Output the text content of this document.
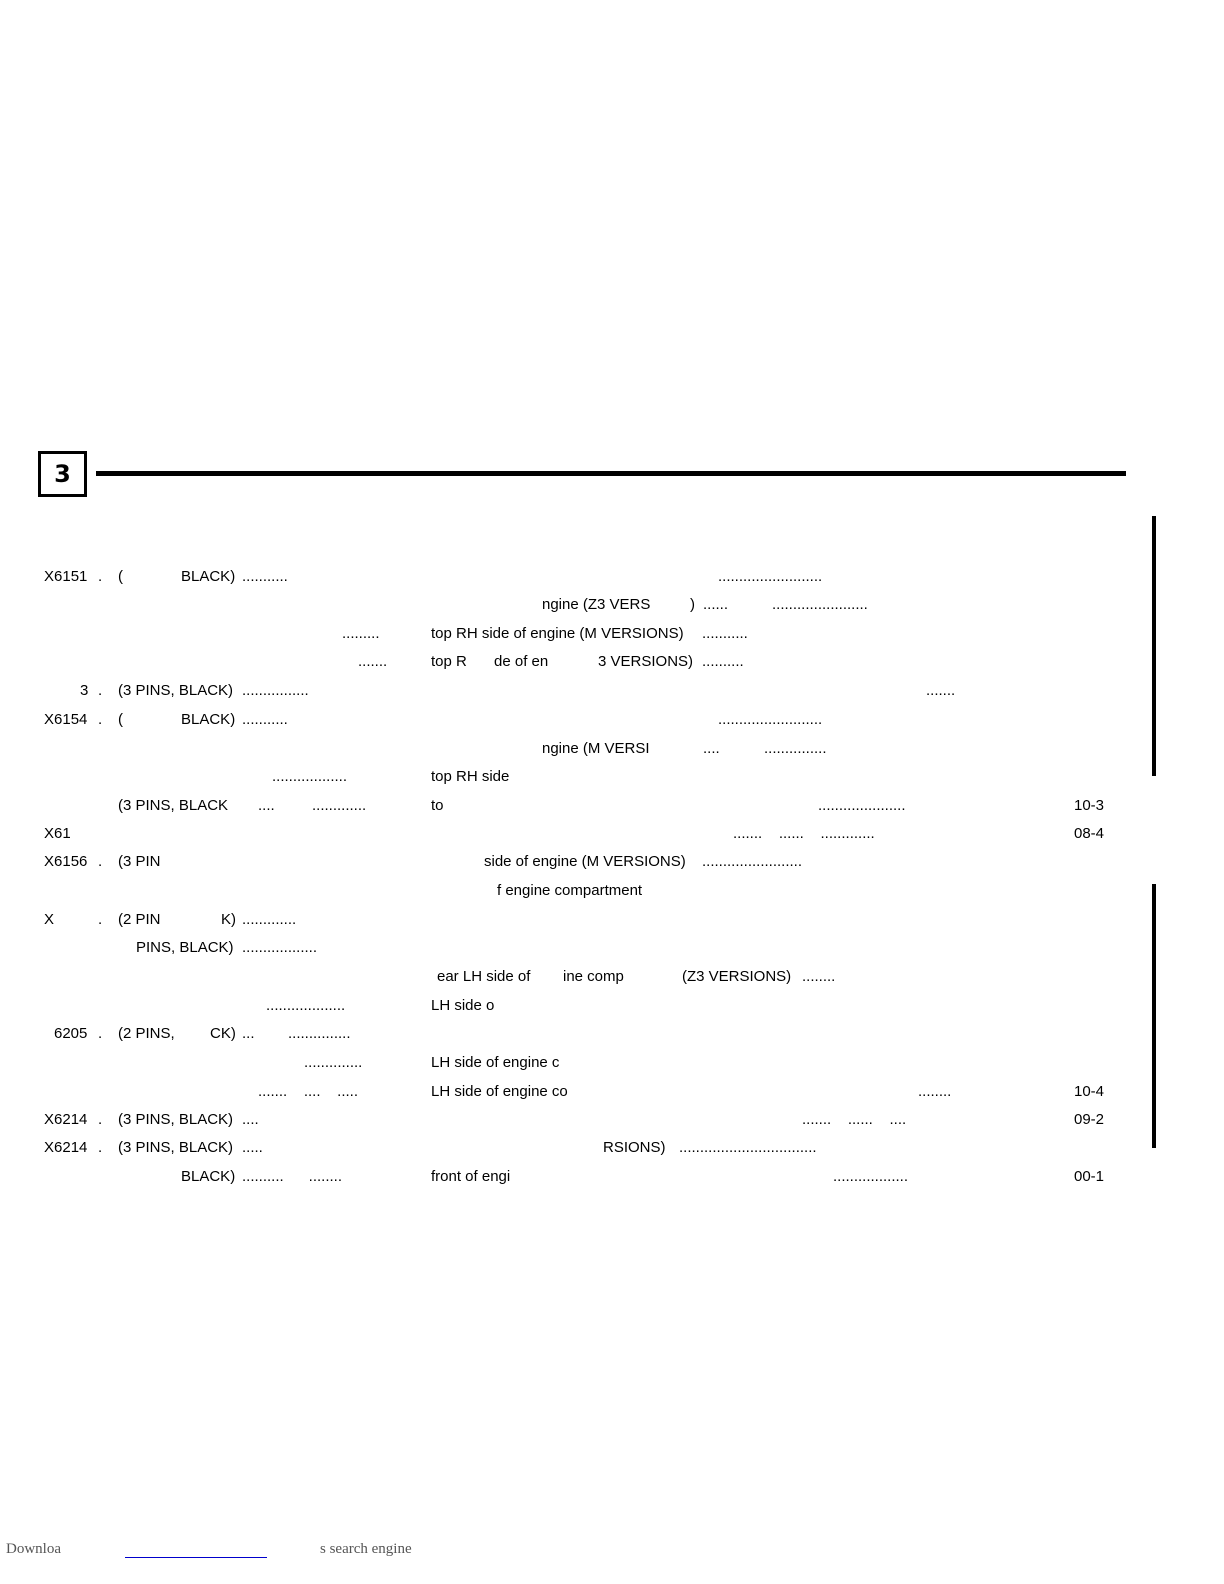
3
X6151 . (	BLACK) ...........	.........................
ngine (Z3 VERS	) ......	.......................
.........	top RH side of engine (M VERSIONS) ...........
.......	top R de of en	3 VERSIONS) ..........
3 . (3 PINS, BLACK) ................	.......
X6154 . (	BLACK) ...........	.........................
ngine (M VERSI	....	...............
..................	top RH side
(3 PINS, BLACK .... .............	to	.....................	10-3
X61	.......    ......    .............	08-4
X6156 . (3 PIN	side of engine (M VERSIONS) ........................
f engine compartment
X	. (2 PIN	K) .............
PINS, BLACK) ..................
ear LH side of ine comp	(Z3 VERSIONS) ........
...................	LH side o
6205 . (2 PINS, CK) ... ...............
..............	LH side of engine c
.......    ....    .....	LH side of engine co	........	10-4
X6214 . (3 PINS, BLACK) ....	.......    ......    ....	09-2
X6214 . (3 PINS, BLACK) .....	RSIONS) .................................
BLACK) ..........      ........	front of engi	..................	00-1
Downloa	s search engine
